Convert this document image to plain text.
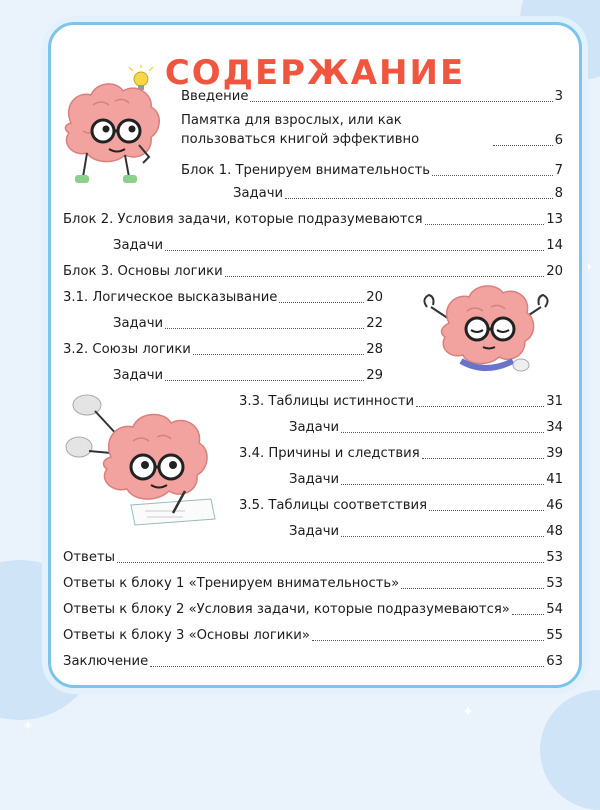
✦
✦
✦
СОДЕРЖАНИЕ
Введение	3
Памятка для взрослых, или как пользоваться книгой эффективно	6
Блок 1. Тренируем внимательность	7
Задачи	8
Блок 2. Условия задачи, которые подразумеваются	13
Задачи	14
Блок 3. Основы логики	20
3.1. Логическое высказывание	20
Задачи	22
3.2. Союзы логики	28
Задачи	29
3.3. Таблицы истинности	31
Задачи	34
3.4. Причины и следствия	39
Задачи	41
3.5. Таблицы соответствия	46
Задачи	48
Ответы	53
Ответы к блоку 1 «Тренируем внимательность»	53
Ответы к блоку 2 «Условия задачи, которые подразумеваются»	54
Ответы к блоку 3 «Основы логики»	55
Заключение	63
